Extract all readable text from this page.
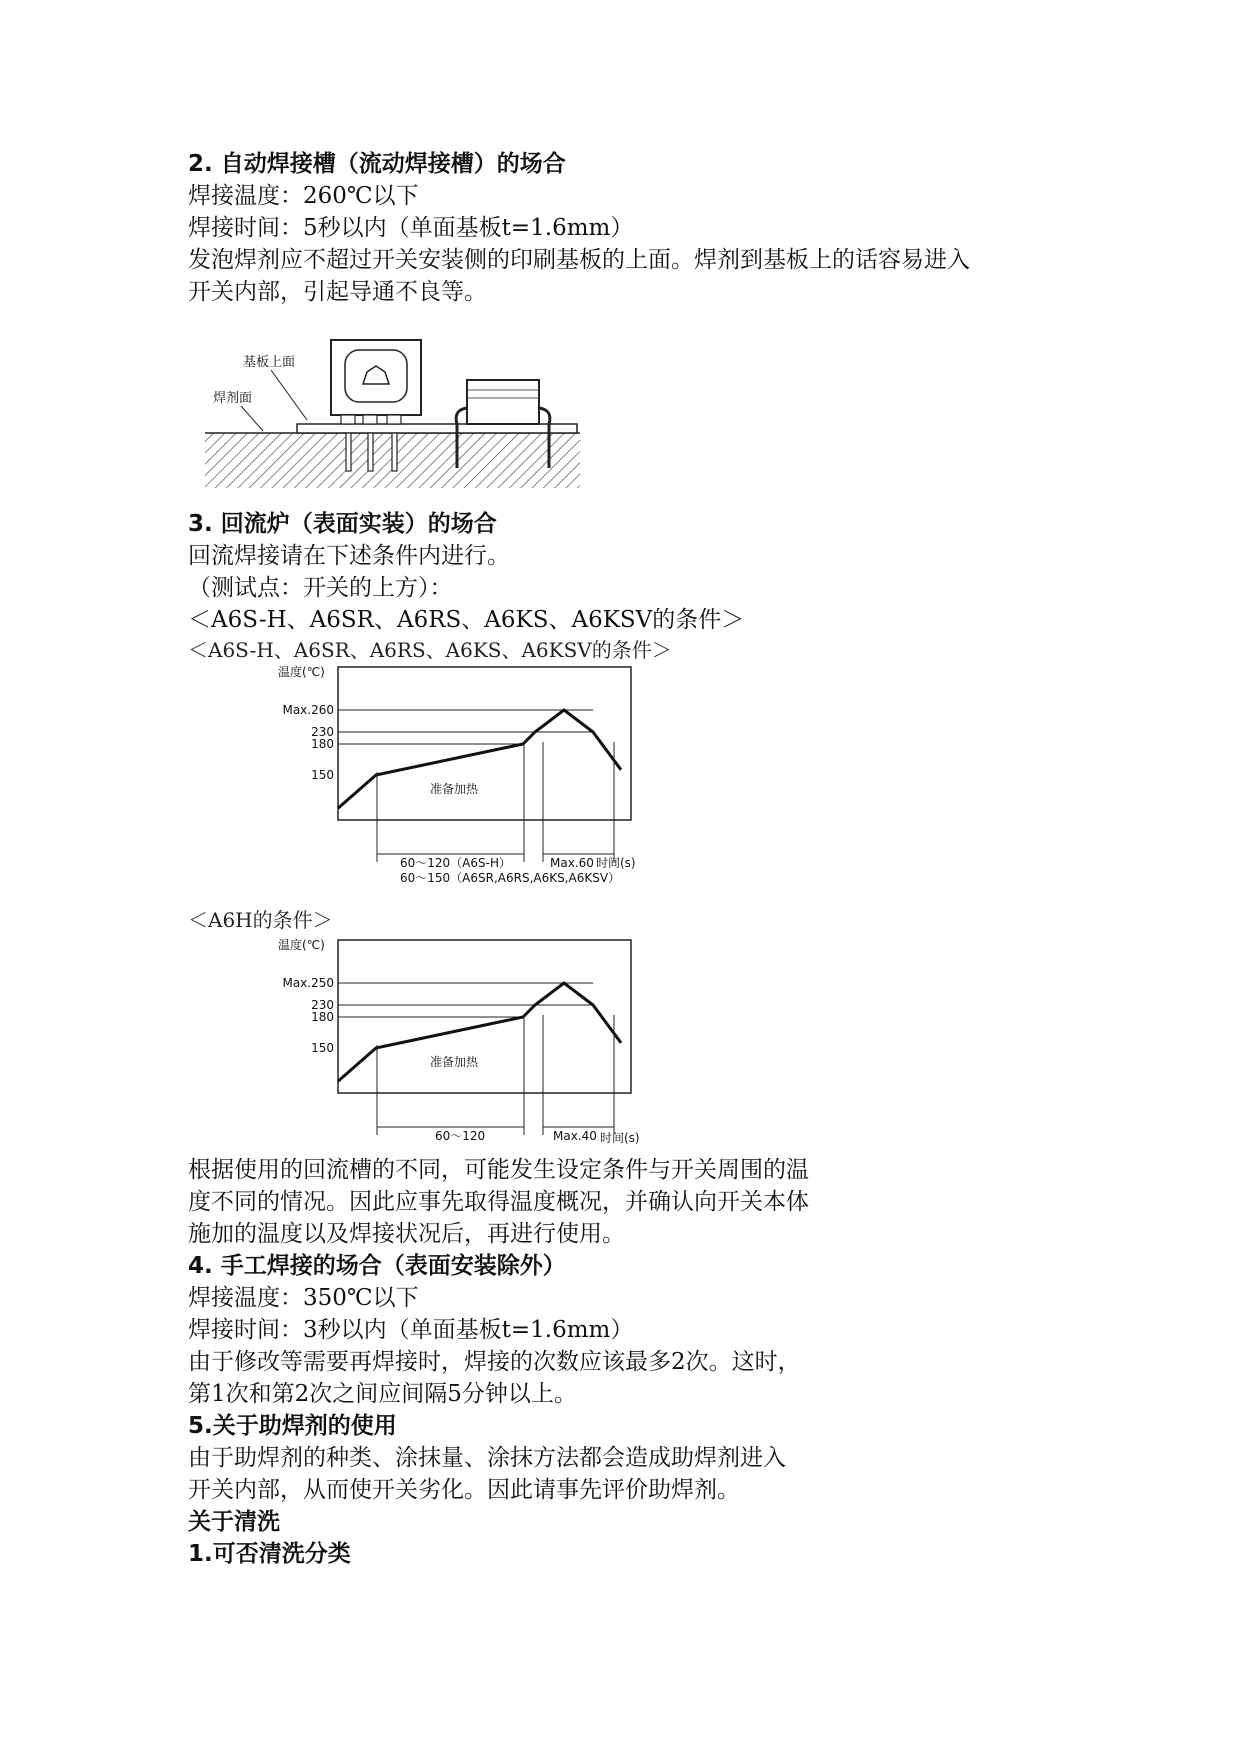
2. 自动焊接槽（流动焊接槽）的场合
焊接温度：260℃以下
焊接时间：5秒以内（单面基板t=1.6mm）
发泡焊剂应不超过开关安装侧的印刷基板的上面。焊剂到基板上的话容易进入
开关内部，引起导通不良等。
基板上面
焊剂面
3. 回流炉（表面实装）的场合
回流焊接请在下述条件内进行。
（测试点：开关的上方）：
＜A6S-H、A6SR、A6RS、A6KS、A6KSV的条件＞
＜A6S-H、A6SR、A6RS、A6KS、A6KSV的条件＞
温度(℃)
Max.260
230
180
150
准备加热
60～120（A6S-H）
60～150（A6SR,A6RS,A6KS,A6KSV）
Max.60 时间(s)
＜A6H的条件＞
温度(℃)
Max.250
230
180
150
准备加热
60～120	Max.40 时间(s)
根据使用的回流槽的不同，可能发生设定条件与开关周围的温
度不同的情况。因此应事先取得温度概况，并确认向开关本体
施加的温度以及焊接状况后，再进行使用。
4. 手工焊接的场合（表面安装除外）
焊接温度：350℃以下
焊接时间：3秒以内（单面基板t=1.6mm）
由于修改等需要再焊接时，焊接的次数应该最多2次。这时，
第1次和第2次之间应间隔5分钟以上。
5.关于助焊剂的使用
由于助焊剂的种类、涂抹量、涂抹方法都会造成助焊剂进入
开关内部，从而使开关劣化。因此请事先评价助焊剂。
关于清洗
1.可否清洗分类
